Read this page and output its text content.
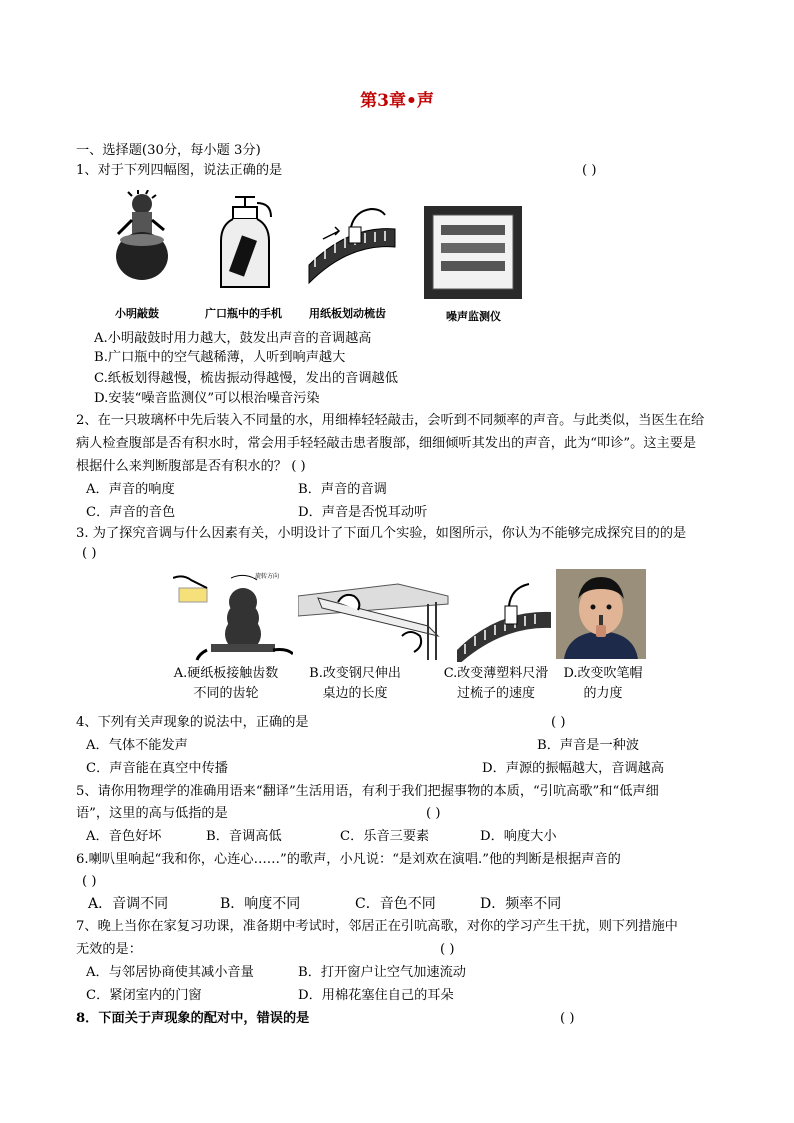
第3章•声
一、选择题(30分，每小题 3分)
1、对于下列四幅图，说法正确的是	( )
小明敲鼓	广口瓶中的手机 用纸板划动梳齿	噪声监测仪
A.小明敲鼓时用力越大，鼓发出声音的音调越高
B.广口瓶中的空气越稀薄，人听到响声越大
C.纸板划得越慢，梳齿振动得越慢，发出的音调越低
D.安装“噪音监测仪”可以根治噪音污染
2、在一只玻璃杯中先后装入不同量的水，用细棒轻轻敲击，会听到不同频率的声音。与此类似，当医生在给
病人检查腹部是否有积水时，常会用手轻轻敲击患者腹部，细细倾听其发出的声音，此为“叩诊”。这主要是
根据什么来判断腹部是否有积水的？ ( )
A．声音的响度	B．声音的音调
C．声音的音色	D．声音是否悦耳动听
3. 为了探究音调与什么因素有关，小明设计了下面几个实验，如图所示，你认为不能够完成探究目的的是
( )
旋转方向
A.硬纸板接触齿数不同的齿轮
B.改变钢尺伸出桌边的长度
C.改变薄塑料尺滑过梳子的速度
D.改变吹笔帽的力度
4、下列有关声现象的说法中，正确的是	( )
A．气体不能发声	B．声音是一种波
C．声音能在真空中传播	D．声源的振幅越大，音调越高
5、请你用物理学的准确用语来“翻译”生活用语，有利于我们把握事物的本质，“引吭高歌”和“低声细
语”，这里的高与低指的是	( )
A．音色好坏	B．音调高低	C．乐音三要素	D．响度大小
6.喇叭里响起“我和你，心连心……”的歌声，小凡说：“是刘欢在演唱.”他的判断是根据声音的
( )
A．音调不同	B．响度不同	C．音色不同	D．频率不同
7、晚上当你在家复习功课，准备期中考试时，邻居正在引吭高歌，对你的学习产生干扰，则下列措施中
无效的是：	( )
A．与邻居协商使其减小音量	B．打开窗户让空气加速流动
C．紧闭室内的门窗	D．用棉花塞住自己的耳朵
8．下面关于声现象的配对中，错误的是	( )
